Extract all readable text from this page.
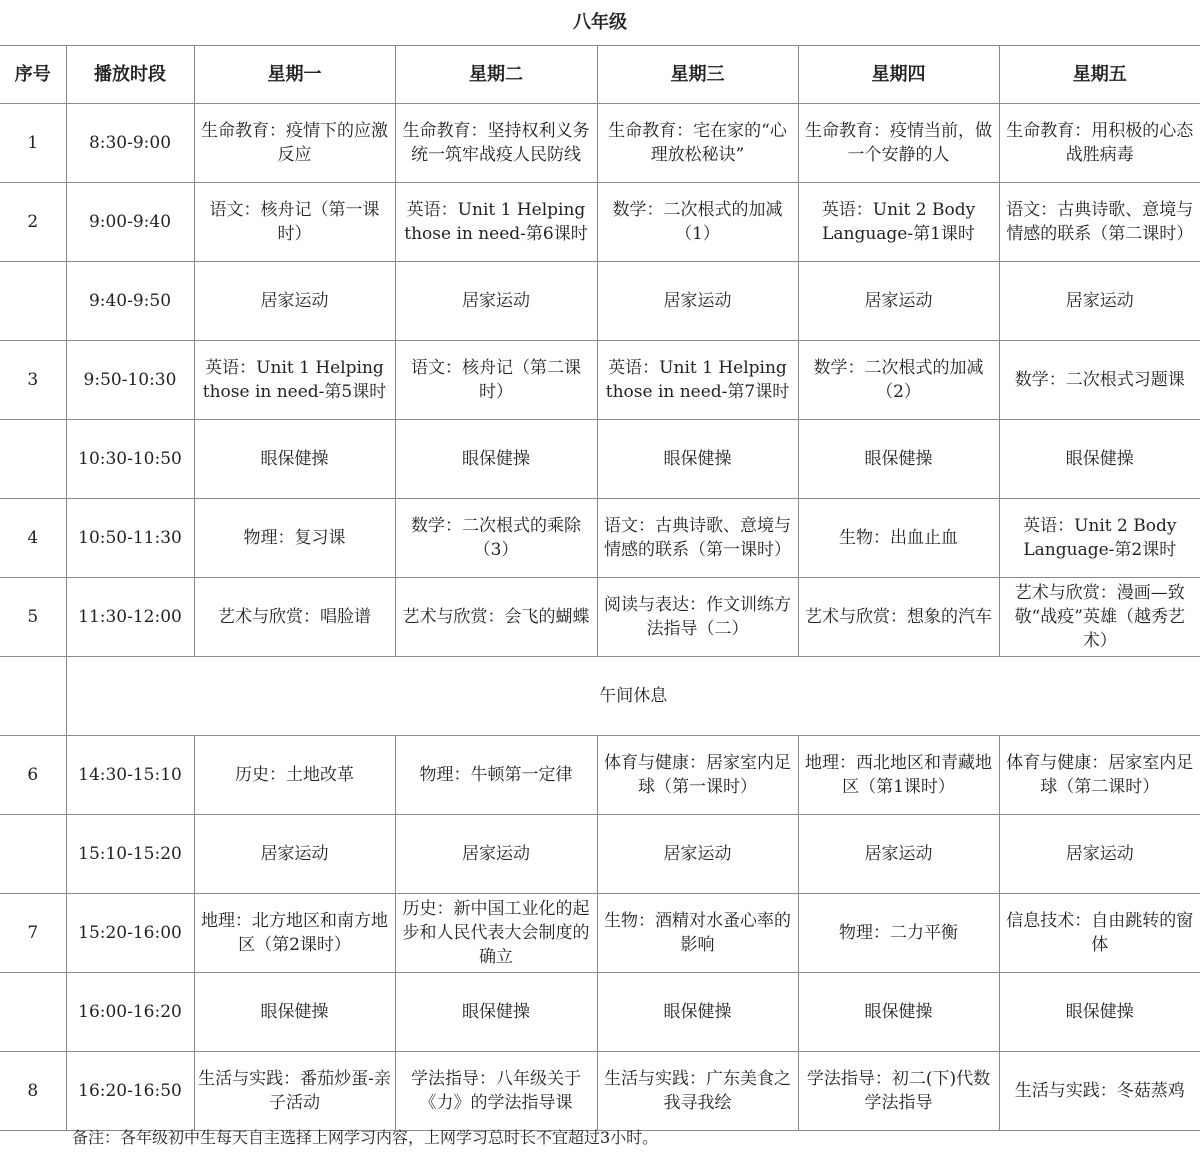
八年级						
序号	播放时段	星期一	星期二	星期三	星期四	星期五
1	8:30-9:00	生命教育：疫情下的应激反应	生命教育：坚持权利义务统一筑牢战疫人民防线	生命教育：宅在家的“心理放松秘诀”	生命教育：疫情当前，做一个安静的人	生命教育：用积极的心态战胜病毒
2	9:00-9:40	语文：核舟记（第一课时）	英语：Unit 1 Helping those in need-第6课时	数学：二次根式的加减（1）	英语：Unit 2 Body Language-第1课时	语文：古典诗歌、意境与情感的联系（第二课时）
	9:40-9:50	居家运动	居家运动	居家运动	居家运动	居家运动
3	9:50-10:30	英语：Unit 1 Helping those in need-第5课时	语文：核舟记（第二课时）	英语：Unit 1 Helping those in need-第7课时	数学：二次根式的加减（2）	数学：二次根式习题课
	10:30-10:50	眼保健操	眼保健操	眼保健操	眼保健操	眼保健操
4	10:50-11:30	物理：复习课	数学：二次根式的乘除（3）	语文：古典诗歌、意境与情感的联系（第一课时）	生物：出血止血	英语：Unit 2 Body Language-第2课时
5	11:30-12:00	艺术与欣赏：唱脸谱	艺术与欣赏：会飞的蝴蝶	阅读与表达：作文训练方法指导（二）	艺术与欣赏：想象的汽车	艺术与欣赏：漫画—致敬“战疫”英雄（越秀艺术）
	午间休息					
6	14:30-15:10	历史：土地改革	物理：牛顿第一定律	体育与健康：居家室内足球（第一课时）	地理：西北地区和青藏地区（第1课时）	体育与健康：居家室内足球（第二课时）
	15:10-15:20	居家运动	居家运动	居家运动	居家运动	居家运动
7	15:20-16:00	地理：北方地区和南方地区（第2课时）	历史：新中国工业化的起步和人民代表大会制度的确立	生物：酒精对水蚤心率的影响	物理：二力平衡	信息技术：自由跳转的窗体
	16:00-16:20	眼保健操	眼保健操	眼保健操	眼保健操	眼保健操
8	16:20-16:50	生活与实践：番茄炒蛋-亲子活动	学法指导：八年级关于《力》的学法指导课	生活与实践：广东美食之我寻我绘	学法指导：初二(下)代数学法指导	生活与实践：冬菇蒸鸡
备注：各年级初中生每天自主选择上网学习内容，上网学习总时长不宜超过3小时。
